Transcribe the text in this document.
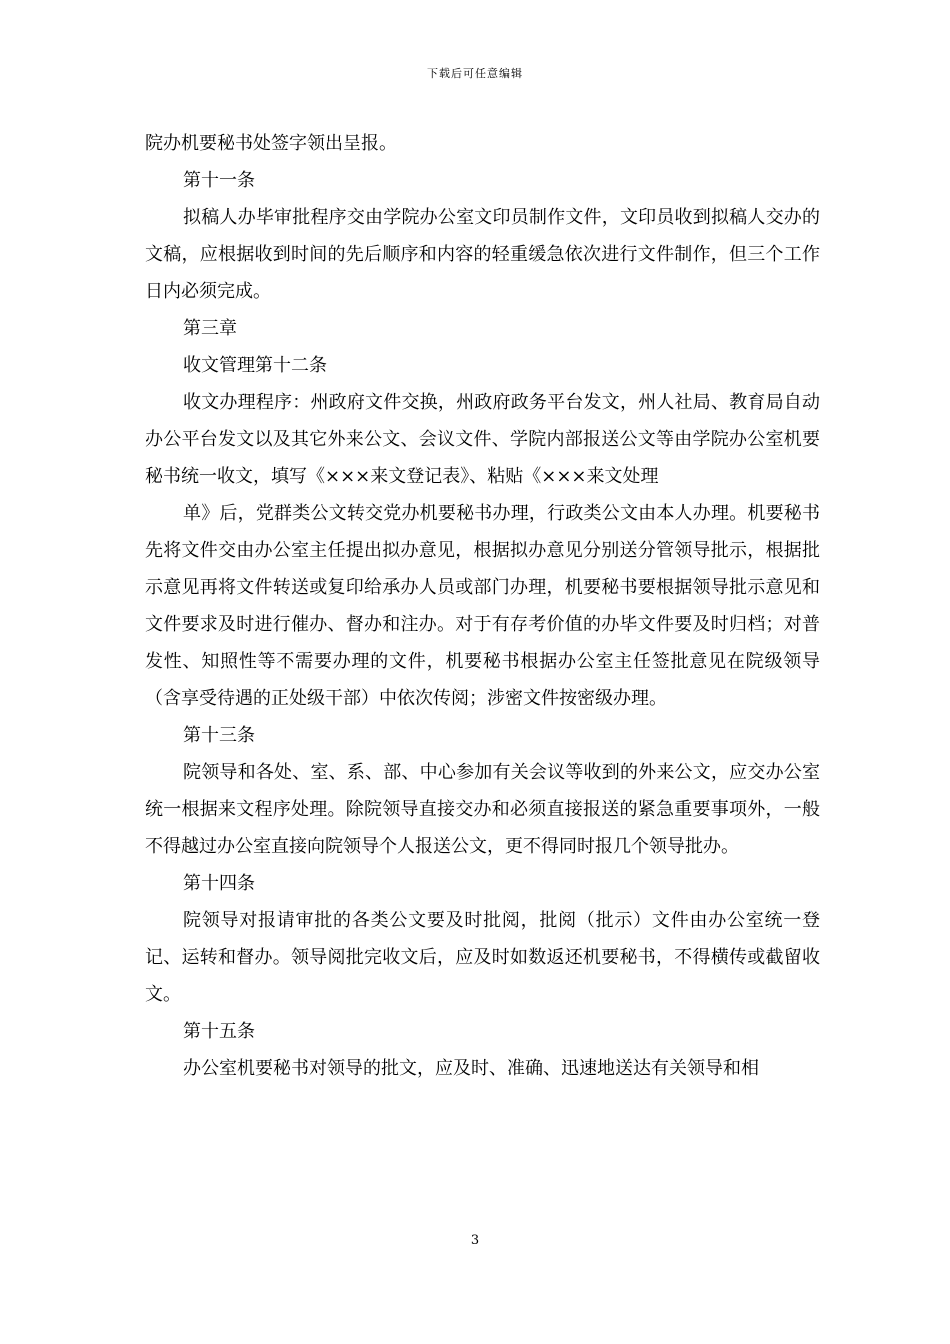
下载后可任意编辑

院办机要秘书处签字领出呈报。

第十一条

拟稿人办毕审批程序交由学院办公室文印员制作文件，文印员收到拟稿人交办的文稿，应根据收到时间的先后顺序和内容的轻重缓急依次进行文件制作，但三个工作日内必须完成。

第三章

收文管理第十二条

收文办理程序：州政府文件交换，州政府政务平台发文，州人社局、教育局自动办公平台发文以及其它外来公文、会议文件、学院内部报送公文等由学院办公室机要秘书统一收文，填写《×××来文登记表》、粘贴《×××来文处理

单》后，党群类公文转交党办机要秘书办理，行政类公文由本人办理。机要秘书先将文件交由办公室主任提出拟办意见，根据拟办意见分别送分管领导批示，根据批示意见再将文件转送或复印给承办人员或部门办理，机要秘书要根据领导批示意见和文件要求及时进行催办、督办和注办。对于有存考价值的办毕文件要及时归档；对普发性、知照性等不需要办理的文件，机要秘书根据办公室主任签批意见在院级领导（含享受待遇的正处级干部）中依次传阅；涉密文件按密级办理。

第十三条

院领导和各处、室、系、部、中心参加有关会议等收到的外来公文，应交办公室统一根据来文程序处理。除院领导直接交办和必须直接报送的紧急重要事项外，一般不得越过办公室直接向院领导个人报送公文，更不得同时报几个领导批办。

第十四条

院领导对报请审批的各类公文要及时批阅，批阅（批示）文件由办公室统一登记、运转和督办。领导阅批完收文后，应及时如数返还机要秘书，不得横传或截留收文。

第十五条

办公室机要秘书对领导的批文，应及时、准确、迅速地送达有关领导和相

3
